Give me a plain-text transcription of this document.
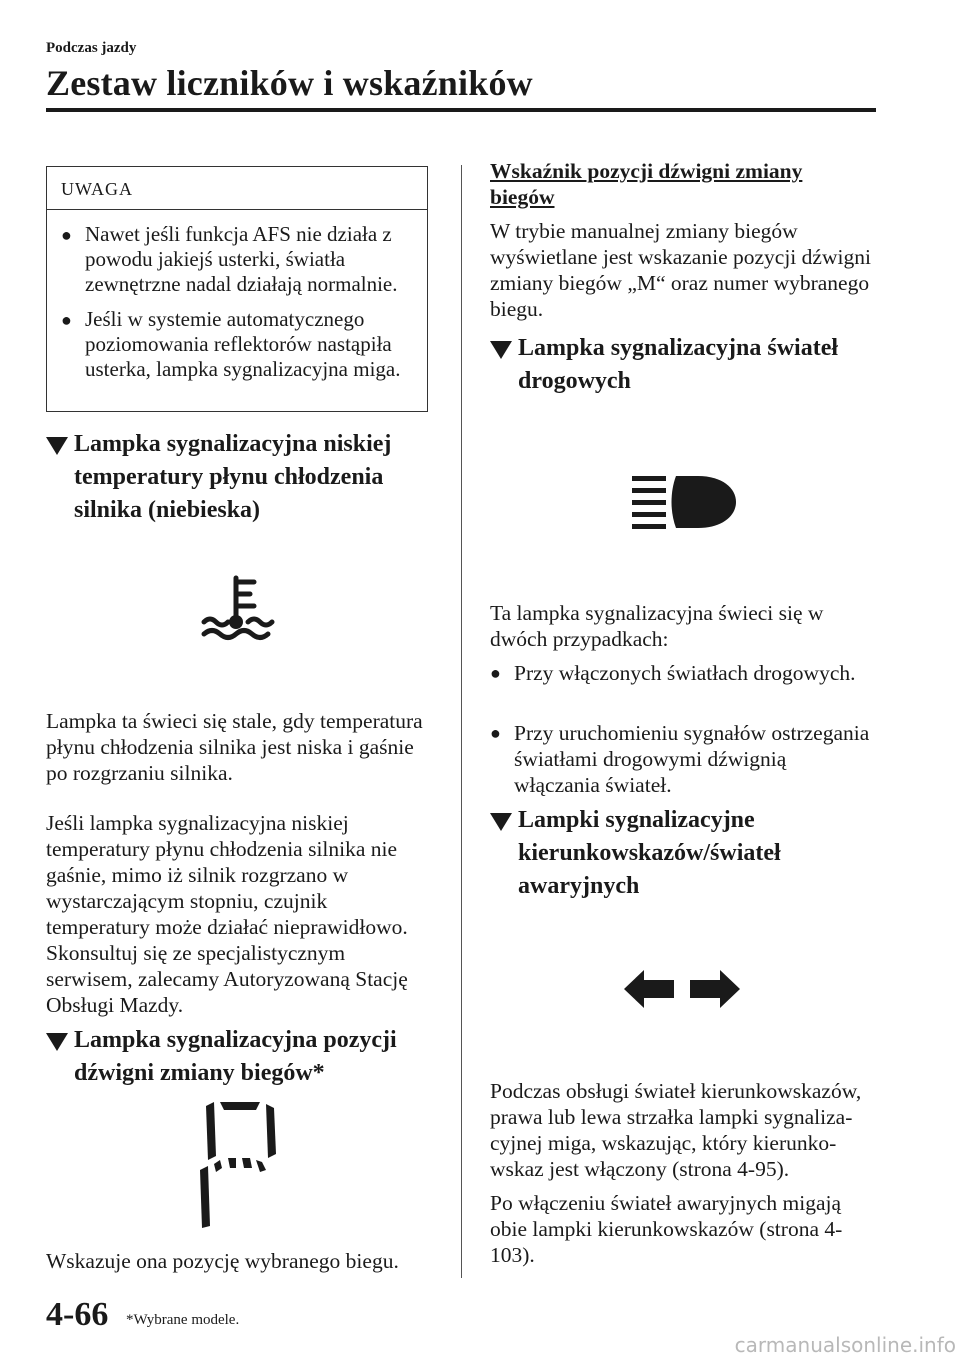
Podczas jazdy
Zestaw liczników i wskaźników
UWAGA
● Nawet jeśli funkcja AFS nie działa z powodu jakiejś usterki, światła zewnętrzne nadal działają normalnie.
● Jeśli w systemie automatycznego poziomowania reflektorów nastąpiła usterka, lampka sygnalizacyjna miga.
Lampka sygnalizacyjna niskiej temperatury płynu chłodzenia silnika (niebieska)

Lampka ta świeci się stale, gdy temperatura płynu chłodzenia silnika jest niska i gaśnie po rozgrzaniu silnika.

Jeśli lampka sygnalizacyjna niskiej temperatury płynu chłodzenia silnika nie gaśnie, mimo iż silnik rozgrzano w wystarczającym stopniu, czujnik temperatury może działać nieprawidłowo. Skonsultuj się ze specjalistycznym serwisem, zalecamy Autoryzowaną Stację Obsługi Mazdy.

Lampka sygnalizacyjna pozycji dźwigni zmiany biegów*

Wskazuje ona pozycję wybranego biegu.

Wskaźnik pozycji dźwigni zmiany biegów

W trybie manualnej zmiany biegów wyświetlane jest wskazanie pozycji dźwigni zmiany biegów „M“ oraz numer wybranego biegu.

Lampka sygnalizacyjna świateł drogowych

Ta lampka sygnalizacyjna świeci się w dwóch przypadkach:

● Przy włączonych światłach drogowych.
● Przy uruchomieniu sygnałów ostrzegania światłami drogowymi dźwignią włączania świateł.
Lampki sygnalizacyjne kierunkowskazów/świateł awaryjnych

Podczas obsługi świateł kierunkowskazów, prawa lub lewa strzałka lampki sygnaliza-cyjnej miga, wskazując, który kierunko-wskaz jest włączony (strona 4-95).

Po włączeniu świateł awaryjnych migają obie lampki kierunkowskazów (strona 4-103).

4-66 *Wybrane modele.
carmanualsonline.info
